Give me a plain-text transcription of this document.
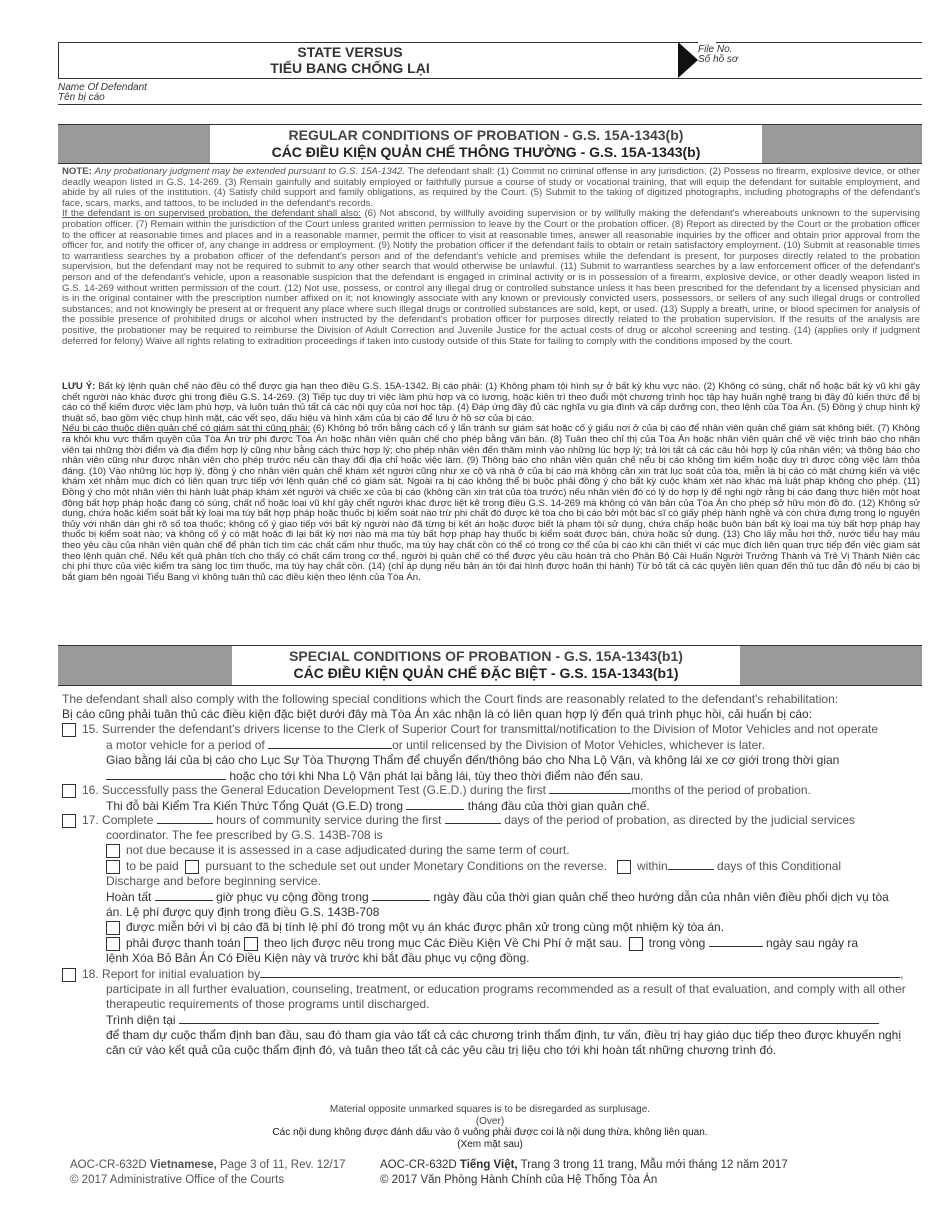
STATE VERSUS
TIỂU BANG CHỐNG LẠI
File No.
Số hồ sơ
Name Of Defendant
Tên bị cáo
REGULAR CONDITIONS OF PROBATION - G.S. 15A-1343(b)
CÁC ĐIỀU KIỆN QUẢN CHẾ THÔNG THƯỜNG - G.S. 15A-1343(b)
NOTE: Any probationary judgment may be extended pursuant to G.S. 15A-1342. The defendant shall: (1) Commit no criminal offense in any jurisdiction. (2) Possess no firearm, explosive device, or other deadly weapon listed in G.S. 14-269. (3) Remain gainfully and suitably employed or faithfully pursue a course of study or vocational training, that will equip the defendant for suitable employment, and abide by all rules of the institution. (4) Satisfy child support and family obligations, as required by the Court. (5) Submit to the taking of digitized photographs, including photographs of the defendant's face, scars, marks, and tattoos, to be included in the defendant's records.
If the defendant is on supervised probation, the defendant shall also: (6) Not abscond, by willfully avoiding supervision or by willfully making the defendant's whereabouts unknown to the supervising probation officer. (7) Remain within the jurisdiction of the Court unless granted written permission to leave by the Court or the probation officer. (8) Report as directed by the Court or the probation officer to the officer at reasonable times and places and in a reasonable manner, permit the officer to visit at reasonable times, answer all reasonable inquiries by the officer and obtain prior approval from the officer for, and notify the officer of, any change in address or employment. (9) Notify the probation officer if the defendant fails to obtain or retain satisfactory employment. (10) Submit at reasonable times to warrantless searches by a probation officer of the defendant's person and of the defendant's vehicle and premises while the defendant is present, for purposes directly related to the probation supervision, but the defendant may not be required to submit to any other search that would otherwise be unlawful. (11) Submit to warrantless searches by a law enforcement officer of the defendant's person and of the defendant's vehicle, upon a reasonable suspicion that the defendant is engaged in criminal activity or is in possession of a firearm, explosive device, or other deadly weapon listed in G.S. 14-269 without written permission of the court. (12) Not use, possess, or control any illegal drug or controlled substance unless it has been prescribed for the defendant by a licensed physician and is in the original container with the prescription number affixed on it; not knowingly associate with any known or previously convicted users, possessors, or sellers of any such illegal drugs or controlled substances; and not knowingly be present at or frequent any place where such illegal drugs or controlled substances are sold, kept, or used. (13) Supply a breath, urine, or blood specimen for analysis of the possible presence of prohibited drugs or alcohol when instructed by the defendant's probation officer for purposes directly related to the probation supervision. If the results of the analysis are positive, the probationer may be required to reimburse the Division of Adult Correction and Juvenile Justice for the actual costs of drug or alcohol screening and testing. (14) (applies only if judgment deferred for felony) Waive all rights relating to extradition proceedings if taken into custody outside of this State for failing to comply with the conditions imposed by the court.
LƯU Ý: Bất kỳ lệnh quản chế nào đều có thể được gia hạn theo điều G.S. 15A-1342. Bị cáo phải: (1) Không phạm tội hình sự ở bất kỳ khu vực nào. (2) Không có súng, chất nổ hoặc bất kỳ vũ khí gây chết người nào khác được ghi trong điều G.S. 14-269. (3) Tiếp tục duy trì việc làm phù hợp và có lương, hoặc kiên trì theo đuổi một chương trình học tập hay huấn nghệ trang bị đầy đủ kiến thức để bị cáo có thể kiếm được việc làm phù hợp, và luôn tuân thủ tất cả các nội quy của nơi học tập. (4) Đáp ứng đầy đủ các nghĩa vụ gia đình và cấp dưỡng con, theo lệnh của Tòa Án. (5) Đồng ý chụp hình kỹ thuật số, bao gồm việc chụp hình mặt, các vết sẹo, dấu hiệu và hình xăm của bị cáo để lưu ở hồ sơ của bị cáo.
Nếu bị cáo thuộc diện quản chế có giám sát thì cũng phải: (6) Không bỏ trốn bằng cách cố ý lẩn tránh sự giám sát hoặc cố ý giấu nơi ở của bị cáo để nhân viên quản chế giám sát không biết. (7) Không ra khỏi khu vực thẩm quyền của Tòa Án trừ phi được Tòa Án hoặc nhân viên quản chế cho phép bằng văn bản. (8) Tuân theo chỉ thị của Tòa Án hoặc nhân viên quản chế về việc trình báo cho nhân viên tại những thời điểm và địa điểm hợp lý cũng như bằng cách thức hợp lý; cho phép nhân viên đến thăm mình vào những lúc hợp lý; trả lời tất cả các câu hỏi hợp lý của nhân viên; và thông báo cho nhân viên cũng như được nhân viên cho phép trước nếu cần thay đổi địa chỉ hoặc việc làm. (9) Thông báo cho nhân viên quản chế nếu bị cáo không tìm kiếm hoặc duy trì được công việc làm thỏa đáng. (10) Vào những lúc hợp lý, đồng ý cho nhân viên quản chế khám xét người cũng như xe cộ và nhà ở của bị cáo mà không cần xin trát lục soát của tòa, miễn là bị cáo có mặt chứng kiến và việc khám xét nhằm mục đích có liên quan trực tiếp với lệnh quản chế có giám sát. Ngoài ra bị cáo không thể bị buộc phải đồng ý cho bất kỳ cuộc khám xét nào khác mà luật pháp không cho phép. (11) Đồng ý cho một nhân viên thi hành luật pháp khám xét người và chiếc xe của bị cáo (không cần xin trát của tòa trước) nếu nhân viên đó có lý do hợp lý để nghi ngờ rằng bị cáo đang thực hiện một hoạt động bất hợp pháp hoặc đang có súng, chất nổ hoặc loại vũ khí gây chết người khác được liệt kê trong điều G.S. 14-269 mà không có văn bản của Tòa Án cho phép sở hữu món đồ đó. (12) Không sử dụng, chứa hoặc kiểm soát bất kỳ loại ma túy bất hợp pháp hoặc thuốc bị kiểm soát nào trừ phi chất đó được kê toa cho bị cáo bởi một bác sĩ có giấy phép hành nghề và còn chứa đựng trong lọ nguyên thủy với nhãn dán ghi rõ số toa thuốc; không cố ý giao tiếp với bất kỳ người nào đã từng bị kết án hoặc được biết là phạm tội sử dụng, chứa chấp hoặc buôn bán bất kỳ loại ma túy bất hợp pháp hay thuốc bị kiểm soát nào; và không cố ý có mặt hoặc đi lại bất kỳ nơi nào mà ma túy bất hợp pháp hay thuốc bị kiểm soát được bán, chứa hoặc sử dụng. (13) Cho lấy mẫu hơi thở, nước tiểu hay máu theo yêu cầu của nhân viên quản chế để phân tích tìm các chất cấm như thuốc, ma túy hay chất cồn có thể có trong cơ thể của bị cáo khi cần thiết vì các mục đích liên quan trực tiếp đến việc giám sát theo lệnh quản chế. Nếu kết quả phân tích cho thấy có chất cấm trong cơ thể, người bị quản chế có thể được yêu cầu hoàn trả cho Phân Bộ Cải Huấn Người Trưởng Thành và Trẻ Vị Thành Niên các chi phí thực của việc kiểm tra sàng lọc tìm thuốc, ma túy hay chất cồn. (14) (chỉ áp dụng nếu bản án tội đại hình được hoãn thi hành) Từ bỏ tất cả các quyền liên quan đến thủ tục dẫn độ nếu bị cáo bị bắt giam bên ngoài Tiểu Bang vì không tuân thủ các điều kiện theo lệnh của Tòa Án.
SPECIAL CONDITIONS OF PROBATION - G.S. 15A-1343(b1)
CÁC ĐIỀU KIỆN QUẢN CHẾ ĐẶC BIỆT - G.S. 15A-1343(b1)
The defendant shall also comply with the following special conditions which the Court finds are reasonably related to the defendant's rehabilitation:
Bị cáo cũng phải tuân thủ các điều kiện đặc biệt dưới đây mà Tòa Án xác nhận là có liên quan hợp lý đến quá trình phục hồi, cải huấn bị cáo:
15. Surrender the defendant's drivers license to the Clerk of Superior Court for transmittal/notification to the Division of Motor Vehicles and not operate
a motor vehicle for a period of	or until relicensed by the Division of Motor Vehicles, whichever is later.
Giao bằng lái của bị cáo cho Lục Sự Tòa Thượng Thẩm để chuyển đến/thông báo cho Nha Lộ Vận, và không lái xe cơ giới trong thời gian
hoặc cho tới khi Nha Lộ Vận phát lại bằng lái, tùy theo thời điểm nào đến sau.
16. Successfully pass the General Education Development Test (G.E.D.) during the first	months of the period of probation.
Thi đỗ bài Kiểm Tra Kiến Thức Tổng Quát (G.E.D) trong	tháng đầu của thời gian quản chế.
17. Complete	hours of community service during the first	days of the period of probation, as directed by the judicial services
coordinator. The fee prescribed by G.S. 143B-708 is
not due because it is assessed in a case adjudicated during the same term of court.
to be paid pursuant to the schedule set out under Monetary Conditions on the reverse.	within	days of this Conditional
Discharge and before beginning service.
Hoàn tất	giờ phục vụ cộng đồng trong	ngày đầu của thời gian quản chế theo hướng dẫn của nhân viên điều phối dịch vụ tòa
án. Lệ phí được quy định trong điều G.S. 143B-708
được miễn bởi vì bị cáo đã bị tính lệ phí đó trong một vụ án khác được phân xử trong cùng một nhiệm kỳ tòa án.
phải được thanh toán theo lịch được nêu trong mục Các Điều Kiện Về Chi Phí ở mặt sau. trong vòng	ngày sau ngày ra
lệnh Xóa Bỏ Bản Án Có Điều Kiện này và trước khi bắt đầu phục vụ cộng đồng.
18. Report for initial evaluation by	,
participate in all further evaluation, counseling, treatment, or education programs recommended as a result of that evaluation, and comply with all other therapeutic requirements of those programs until discharged.
Trình diện tại
để tham dự cuộc thẩm định ban đầu, sau đó tham gia vào tất cả các chương trình thẩm định, tư vấn, điều trị hay giáo dục tiếp theo được khuyến nghị căn cứ vào kết quả của cuộc thẩm định đó, và tuân theo tất cả các yêu cầu trị liệu cho tới khi hoàn tất những chương trình đó.
Material opposite unmarked squares is to be disregarded as surplusage.
(Over)
Các nội dung không được đánh dấu vào ô vuông phải được coi là nội dung thừa, không liên quan.
(Xem mặt sau)
AOC-CR-632D Vietnamese, Page 3 of 11, Rev. 12/17
© 2017 Administrative Office of the Courts
AOC-CR-632D Tiếng Việt, Trang 3 trong 11 trang, Mẫu mới tháng 12 năm 2017
© 2017 Văn Phòng Hành Chính của Hệ Thống Tòa Án
